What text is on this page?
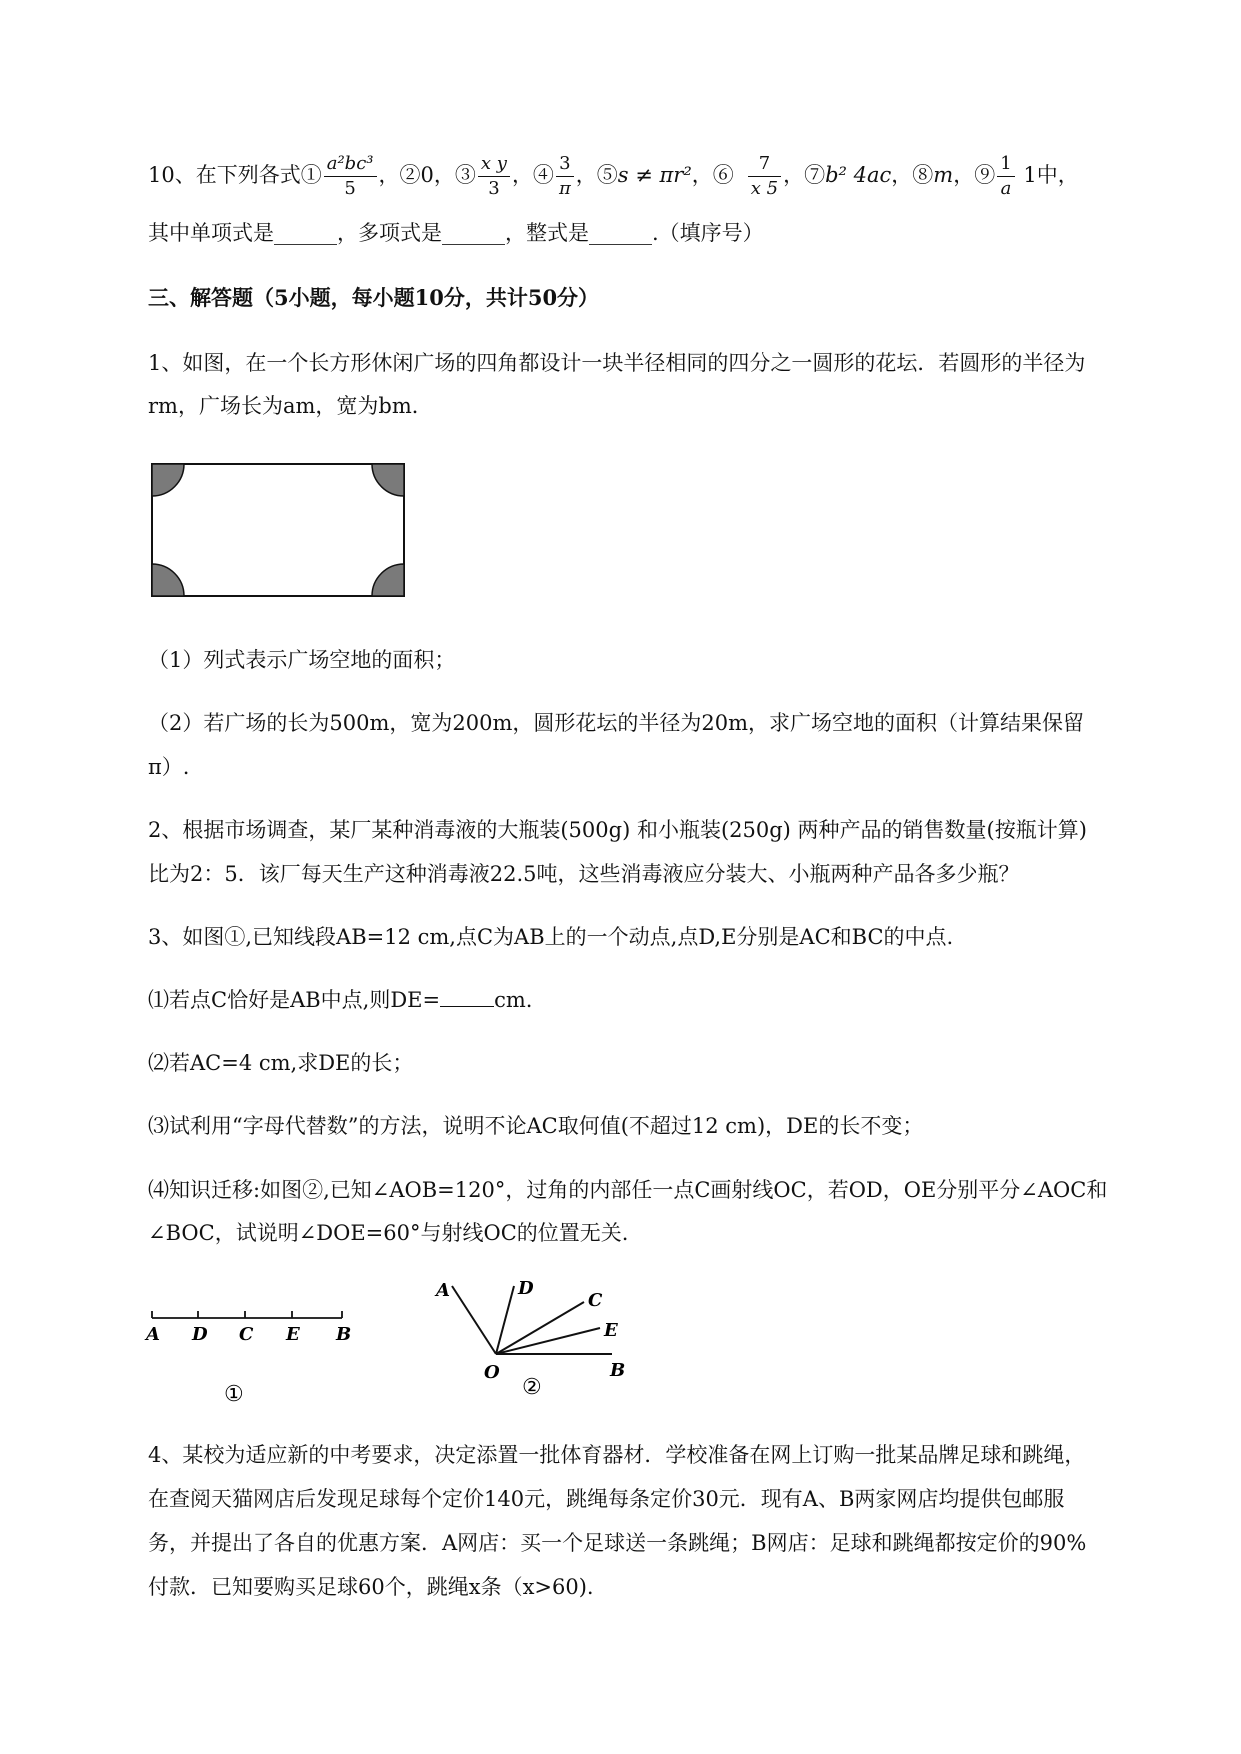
10、在下列各式① $\frac{\text{a²bc³}}{5}$ ，②0，③ $\frac{\text{x y}}{3}$ ，④ $\frac{3}{\pi}$ ，⑤s ≠ πr²，⑥ $\frac{7}{x 5}$ ，⑦b² 4ac，⑧m，⑨ $\frac{1}{a} 1$中，
其中单项式是______，多项式是______，整式是______.（填序号）
三、解答题（5小题，每小题10分，共计50分）
1、如图，在一个长方形休闲广场的四角都设计一块半径相同的四分之一圆形的花坛．若圆形的半径为
rm，广场长为am，宽为bm．
（1）列式表示广场空地的面积；
（2）若广场的长为500m，宽为200m，圆形花坛的半径为20m，求广场空地的面积（计算结果保留
π）.
2、根据市场调查，某厂某种消毒液的大瓶装(500g) 和小瓶装(250g) 两种产品的销售数量(按瓶计算)
比为2：5．该厂每天生产这种消毒液22.5吨，这些消毒液应分装大、小瓶两种产品各多少瓶？
3、如图①,已知线段AB=12 cm,点C为AB上的一个动点,点D,E分别是AC和BC的中点.
⑴若点C恰好是AB中点,则DE=	cm.
⑵若AC=4 cm,求DE的长；
⑶试利用“字母代替数”的方法，说明不论AC取何值(不超过12 cm)，DE的长不变；
⑷知识迁移:如图②,已知∠AOB=120°，过角的内部任一点C画射线OC，若OD，OE分别平分∠AOC和
∠BOC，试说明∠DOE=60°与射线OC的位置无关.
A D C E B
①
A	D
C
E
O	B
②
4、某校为适应新的中考要求，决定添置一批体育器材．学校准备在网上订购一批某品牌足球和跳绳，
在查阅天猫网店后发现足球每个定价140元，跳绳每条定价30元．现有A、B两家网店均提供包邮服
务，并提出了各自的优惠方案．A网店：买一个足球送一条跳绳；B网店：足球和跳绳都按定价的90%
付款．已知要购买足球60个，跳绳x条（x>60).
